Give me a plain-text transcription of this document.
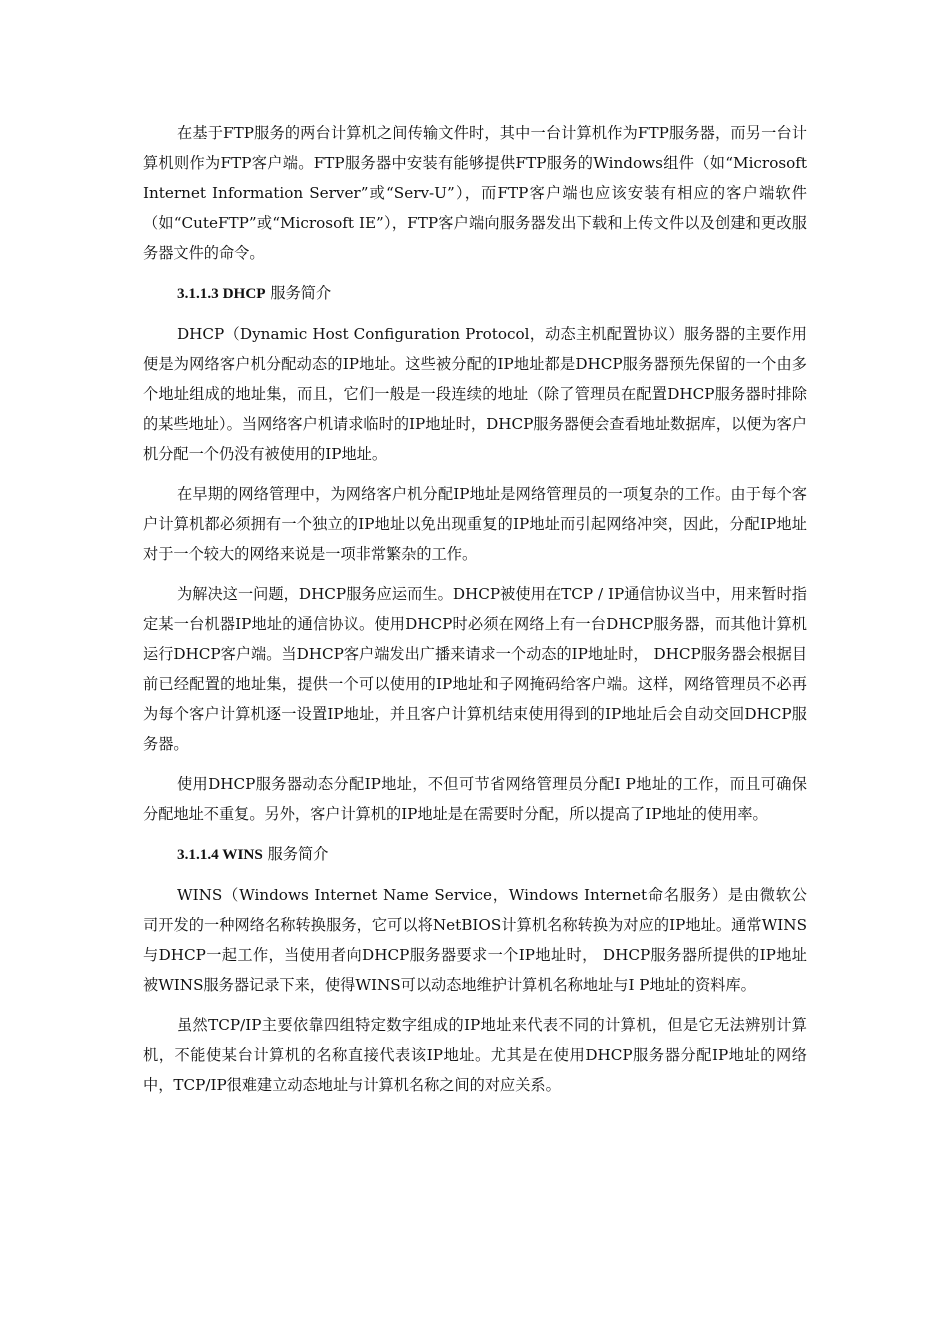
在基于FTP服务的两台计算机之间传输文件时，其中一台计算机作为FTP服务器，而另一台计算机则作为FTP客户端。FTP服务器中安装有能够提供FTP服务的Windows组件（如“Microsoft Internet Information Server”或“Serv-U”），而FTP客户端也应该安装有相应的客户端软件（如“CuteFTP”或“Microsoft IE”），FTP客户端向服务器发出下载和上传文件以及创建和更改服务器文件的命令。

3.1.1.3 DHCP 服务简介

DHCP（Dynamic Host Configuration Protocol，动态主机配置协议）服务器的主要作用便是为网络客户机分配动态的IP地址。这些被分配的IP地址都是DHCP服务器预先保留的一个由多个地址组成的地址集，而且，它们一般是一段连续的地址（除了管理员在配置DHCP服务器时排除的某些地址）。当网络客户机请求临时的IP地址时，DHCP服务器便会查看地址数据库，以便为客户机分配一个仍没有被使用的IP地址。

在早期的网络管理中，为网络客户机分配IP地址是网络管理员的一项复杂的工作。由于每个客户计算机都必须拥有一个独立的IP地址以免出现重复的IP地址而引起网络冲突，因此，分配IP地址对于一个较大的网络来说是一项非常繁杂的工作。

为解决这一问题，DHCP服务应运而生。DHCP被使用在TCP / IP通信协议当中，用来暂时指定某一台机器IP地址的通信协议。使用DHCP时必须在网络上有一台DHCP服务器，而其他计算机运行DHCP客户端。当DHCP客户端发出广播来请求一个动态的IP地址时， DHCP服务器会根据目前已经配置的地址集，提供一个可以使用的IP地址和子网掩码给客户端。这样，网络管理员不必再为每个客户计算机逐一设置IP地址，并且客户计算机结束使用得到的IP地址后会自动交回DHCP服务器。

使用DHCP服务器动态分配IP地址，不但可节省网络管理员分配I P地址的工作，而且可确保分配地址不重复。另外，客户计算机的IP地址是在需要时分配，所以提高了IP地址的使用率。

3.1.1.4 WINS 服务简介

WINS（Windows Internet Name Service，Windows Internet命名服务）是由微软公司开发的一种网络名称转换服务，它可以将NetBIOS计算机名称转换为对应的IP地址。通常WINS与DHCP一起工作，当使用者向DHCP服务器要求一个IP地址时， DHCP服务器所提供的IP地址被WINS服务器记录下来，使得WINS可以动态地维护计算机名称地址与I P地址的资料库。

虽然TCP/IP主要依靠四组特定数字组成的IP地址来代表不同的计算机，但是它无法辨别计算机，不能使某台计算机的名称直接代表该IP地址。尤其是在使用DHCP服务器分配IP地址的网络中，TCP/IP很难建立动态地址与计算机名称之间的对应关系。
